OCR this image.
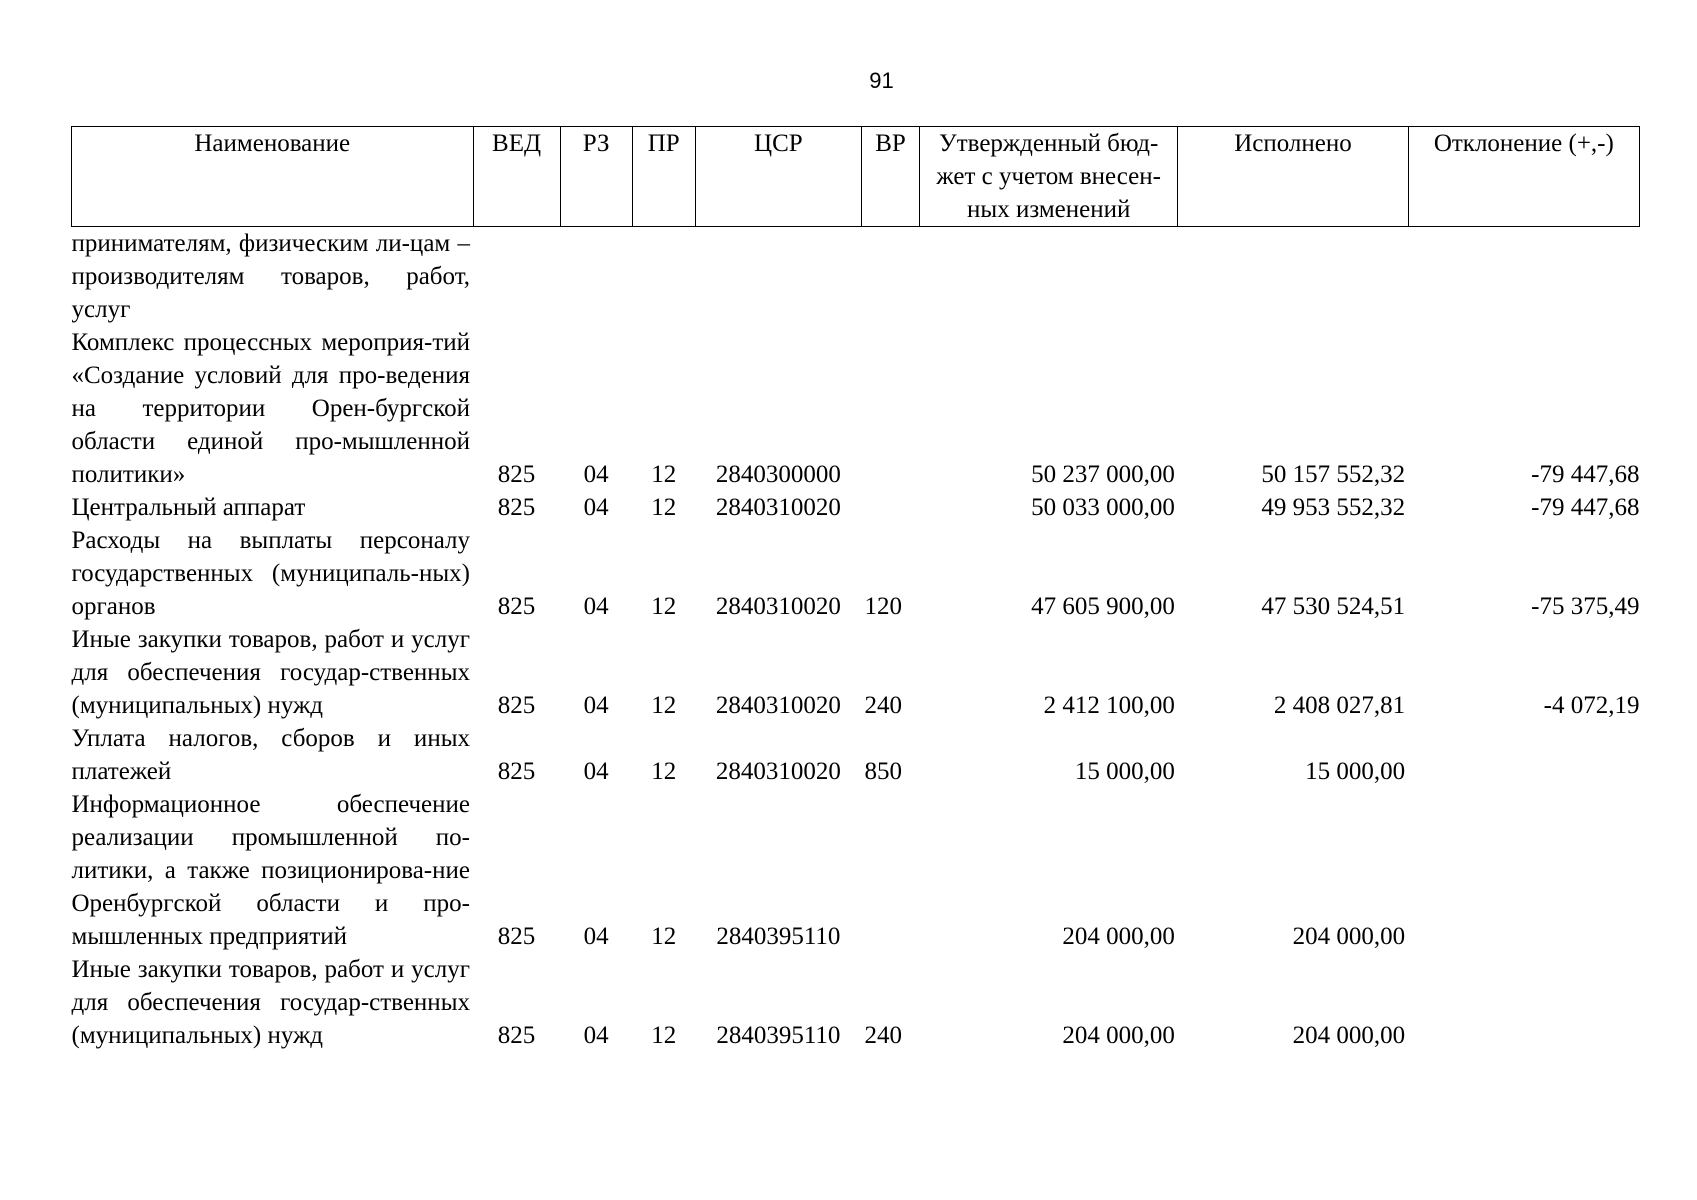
91
Наименование	ВЕД	РЗ	ПР	ЦСР	ВР	Утвержденный бюд-жет с учетом внесен-ных изменений	Исполнено	Отклонение (+,-)
принимателям, физическим ли-цам – производителям товаров, работ, услуг								
Комплекс процессных мероприя-тий «Создание условий для про-ведения на территории Орен-бургской области единой про-мышленной политики»	825	04	12	2840300000		50 237 000,00	50 157 552,32	-79 447,68
Центральный аппарат	825	04	12	2840310020		50 033 000,00	49 953 552,32	-79 447,68
Расходы на выплаты персоналу государственных (муниципаль-ных) органов	825	04	12	2840310020	120	47 605 900,00	47 530 524,51	-75 375,49
Иные закупки товаров, работ и услуг для обеспечения государ-ственных (муниципальных) нужд	825	04	12	2840310020	240	2 412 100,00	2 408 027,81	-4 072,19
Уплата налогов, сборов и иных платежей	825	04	12	2840310020	850	15 000,00	15 000,00	
Информационное обеспечение реализации промышленной по-литики, а также позиционирова-ние Оренбургской области и про-мышленных предприятий	825	04	12	2840395110		204 000,00	204 000,00	
Иные закупки товаров, работ и услуг для обеспечения государ-ственных (муниципальных) нужд	825	04	12	2840395110	240	204 000,00	204 000,00	
